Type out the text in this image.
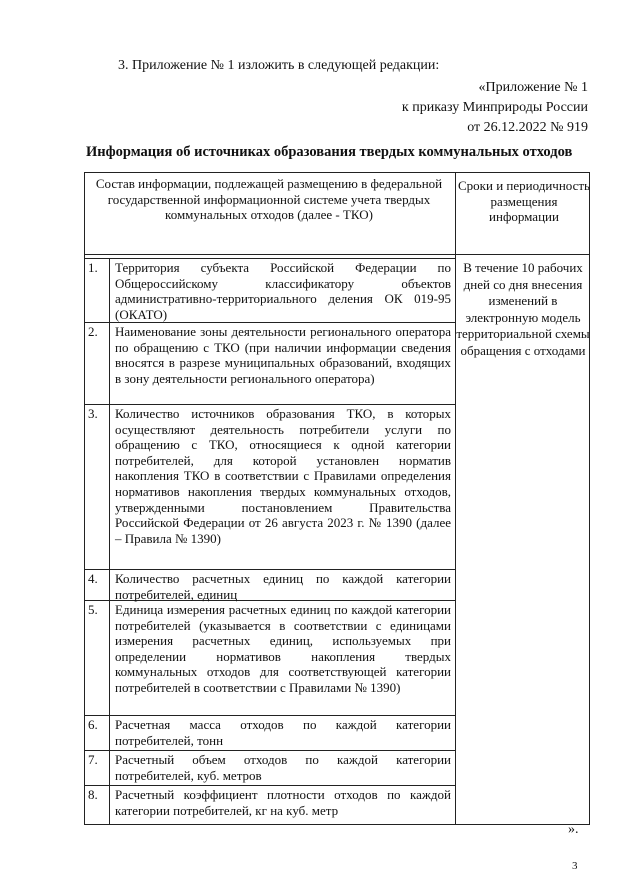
3. Приложение № 1 изложить в следующей редакции:
«Приложение № 1
к приказу Минприроды России
от 26.12.2022 № 919
Информация об источниках образования твердых коммунальных отходов
Состав информации, подлежащей размещению в федеральной государственной информационной системе учета твердых коммунальных отходов (далее - ТКО)
Сроки и периодичность размещения информации
1.	Территория субъекта Российской Федерации по Общероссийскому классификатору объектов административно-территориального деления ОК 019-95 (ОКАТО)
2.	Наименование зоны деятельности регионального оператора по обращению с ТКО (при наличии информации сведения вносятся в разрезе муниципальных образований, входящих в зону деятельности регионального оператора)
3.	Количество источников образования ТКО, в которых осуществляют деятельность потребители услуги по обращению с ТКО, относящиеся к одной категории потребителей, для которой установлен норматив накопления ТКО в соответствии с Правилами определения нормативов накопления твердых коммунальных отходов, утвержденными постановлением Правительства Российской Федерации от 26 августа 2023 г. № 1390 (далее – Правила № 1390)
4.	Количество расчетных единиц по каждой категории потребителей, единиц
5.	Единица измерения расчетных единиц по каждой категории потребителей (указывается в соответствии с единицами измерения расчетных единиц, используемых при определении нормативов накопления твердых коммунальных отходов для соответствующей категории потребителей в соответствии с Правилами № 1390)
6.	Расчетная масса отходов по каждой категории потребителей, тонн
7.	Расчетный объем отходов по каждой категории потребителей, куб. метров
8.	Расчетный коэффициент плотности отходов по каждой категории потребителей, кг на куб. метр
В течение 10 рабочих дней со дня внесения изменений в электронную модель территориальной схемы обращения с отходами
».
3
